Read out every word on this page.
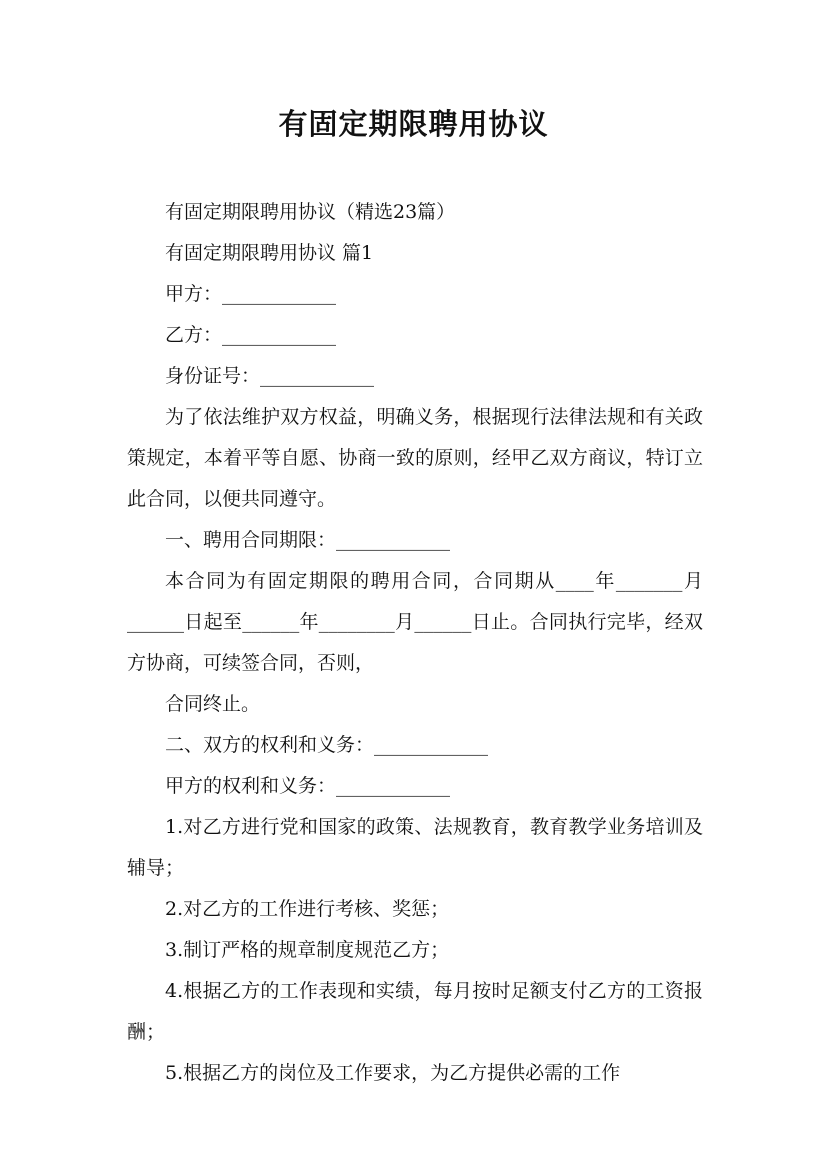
有固定期限聘用协议

有固定期限聘用协议（精选23篇）

有固定期限聘用协议 篇1

甲方：____________

乙方：____________

身份证号：____________

为了依法维护双方权益，明确义务，根据现行法律法规和有关政策规定，本着平等自愿、协商一致的原则，经甲乙双方商议，特订立此合同，以便共同遵守。

一、聘用合同期限：____________

本合同为有固定期限的聘用合同，合同期从____年_______月______日起至______年________月______日止。合同执行完毕，经双方协商，可续签合同，否则，

合同终止。

二、双方的权利和义务：____________

甲方的权利和义务：____________

1.对乙方进行党和国家的政策、法规教育，教育教学业务培训及辅导；

2.对乙方的工作进行考核、奖惩；

3.制订严格的规章制度规范乙方；

4.根据乙方的工作表现和实绩，每月按时足额支付乙方的工资报酬；

5.根据乙方的岗位及工作要求，为乙方提供必需的工作
